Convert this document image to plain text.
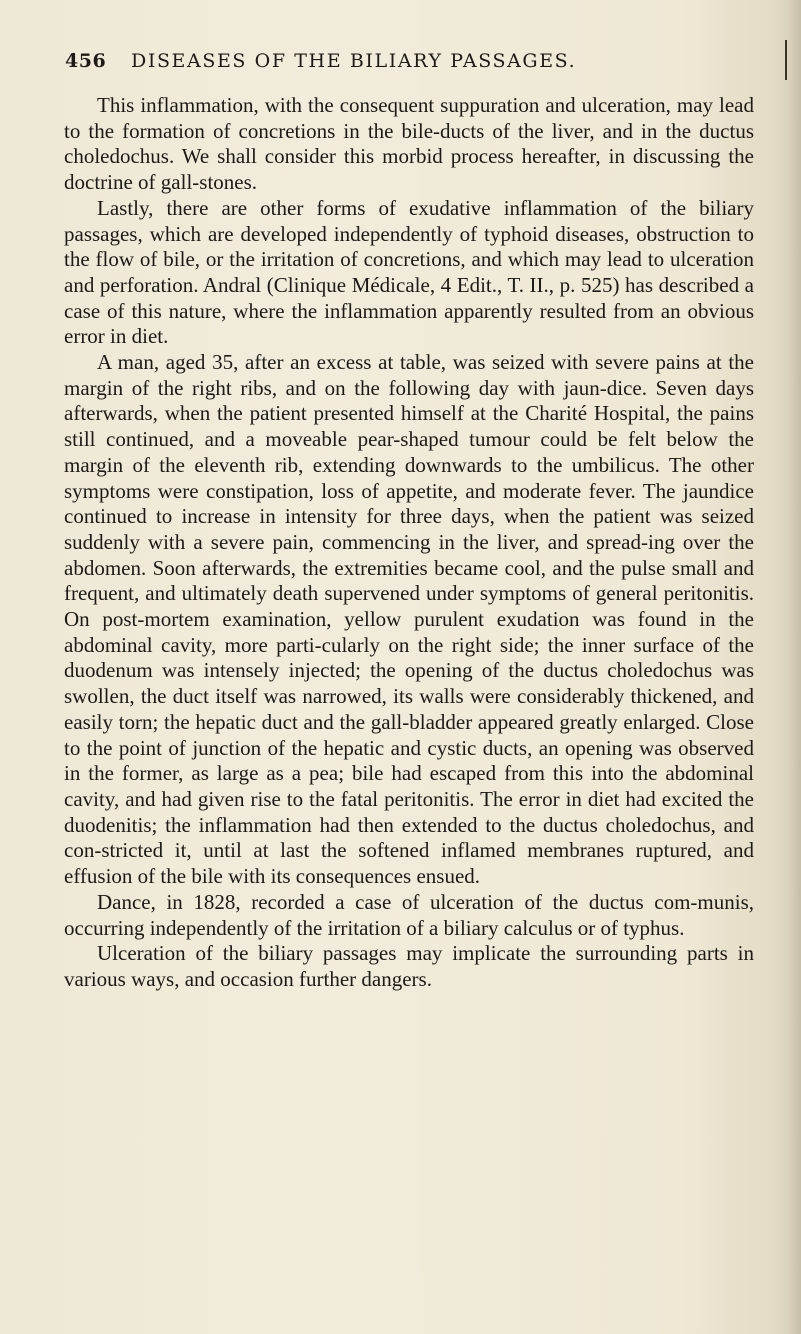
456 DISEASES OF THE BILIARY PASSAGES.

This inflammation, with the consequent suppuration and ulceration, may lead to the formation of concretions in the bile-ducts of the liver, and in the ductus choledochus. We shall consider this morbid process hereafter, in discussing the doctrine of gall-stones.

Lastly, there are other forms of exudative inflammation of the biliary passages, which are developed independently of typhoid diseases, obstruction to the flow of bile, or the irritation of concretions, and which may lead to ulceration and perforation. Andral (Clinique Médicale, 4 Edit., T. II., p. 525) has described a case of this nature, where the inflammation apparently resulted from an obvious error in diet.

A man, aged 35, after an excess at table, was seized with severe pains at the margin of the right ribs, and on the following day with jaun-dice. Seven days afterwards, when the patient presented himself at the Charité Hospital, the pains still continued, and a moveable pear-shaped tumour could be felt below the margin of the eleventh rib, extending downwards to the umbilicus. The other symptoms were constipation, loss of appetite, and moderate fever. The jaundice continued to increase in intensity for three days, when the patient was seized suddenly with a severe pain, commencing in the liver, and spread-ing over the abdomen. Soon afterwards, the extremities became cool, and the pulse small and frequent, and ultimately death supervened under symptoms of general peritonitis. On post-mortem examination, yellow purulent exudation was found in the abdominal cavity, more parti-cularly on the right side; the inner surface of the duodenum was intensely injected; the opening of the ductus choledochus was swollen, the duct itself was narrowed, its walls were considerably thickened, and easily torn; the hepatic duct and the gall-bladder appeared greatly enlarged. Close to the point of junction of the hepatic and cystic ducts, an opening was observed in the former, as large as a pea; bile had escaped from this into the abdominal cavity, and had given rise to the fatal peritonitis. The error in diet had excited the duodenitis; the inflammation had then extended to the ductus choledochus, and con-stricted it, until at last the softened inflamed membranes ruptured, and effusion of the bile with its consequences ensued.

Dance, in 1828, recorded a case of ulceration of the ductus com-munis, occurring independently of the irritation of a biliary calculus or of typhus.

Ulceration of the biliary passages may implicate the surrounding parts in various ways, and occasion further dangers.
